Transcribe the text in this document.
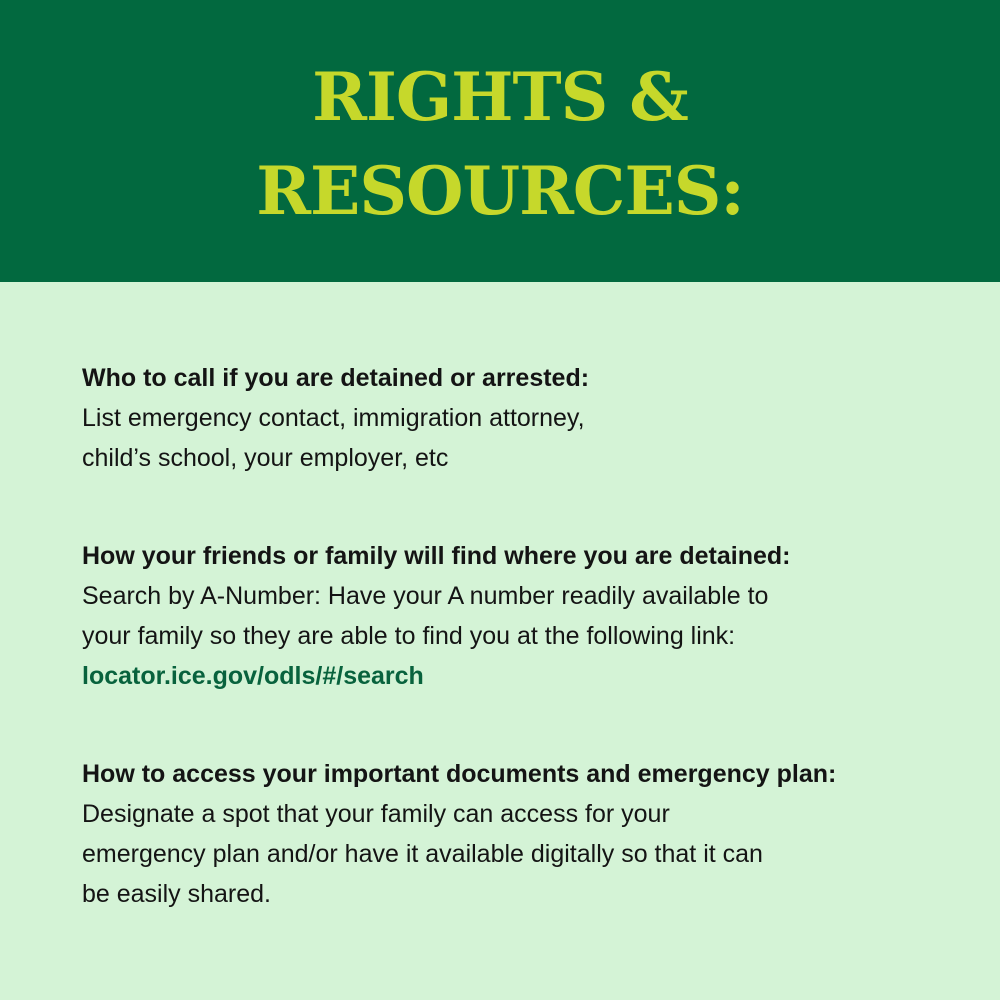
RIGHTS &
RESOURCES:
Who to call if you are detained or arrested:
List emergency contact, immigration attorney,
child’s school, your employer, etc
How your friends or family will find where you are detained:
Search by A-Number: Have your A number readily available to
your family so they are able to find you at the following link:
locator.ice.gov/odls/#/search
How to access your important documents and emergency plan:
Designate a spot that your family can access for your
emergency plan and/or have it available digitally so that it can
be easily shared.
